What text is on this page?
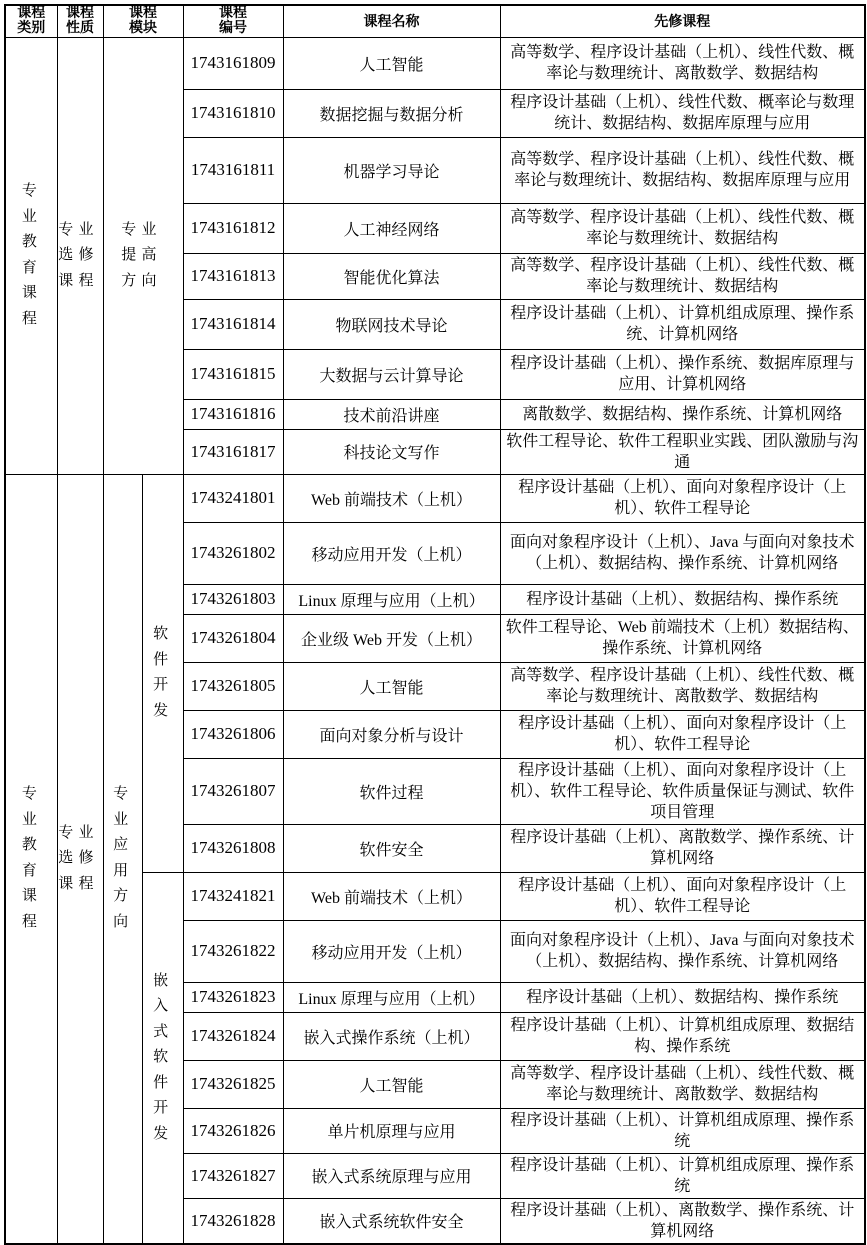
课程类别	课程性质	课程模块		课程编号	课程名称	先修课程
专业教育课程	专业选修课程	专业提高方向		1743161809	人工智能	高等数学、程序设计基础（上机）、线性代数、概率论与数理统计、离散数学、数据结构
				1743161810	数据挖掘与数据分析	程序设计基础（上机）、线性代数、概率论与数理统计、数据结构、数据库原理与应用
				1743161811	机器学习导论	高等数学、程序设计基础（上机）、线性代数、概率论与数理统计、数据结构、数据库原理与应用
				1743161812	人工神经网络	高等数学、程序设计基础（上机）、线性代数、概率论与数理统计、数据结构
				1743161813	智能优化算法	高等数学、程序设计基础（上机）、线性代数、概率论与数理统计、数据结构
				1743161814	物联网技术导论	程序设计基础（上机）、计算机组成原理、操作系统、计算机网络
				1743161815	大数据与云计算导论	程序设计基础（上机）、操作系统、数据库原理与应用、计算机网络
				1743161816	技术前沿讲座	离散数学、数据结构、操作系统、计算机网络
				1743161817	科技论文写作	软件工程导论、软件工程职业实践、团队激励与沟通
专业教育课程	专业选修课程	专业应用方向	软件开发	1743241801	Web 前端技术（上机）	程序设计基础（上机）、面向对象程序设计（上机）、软件工程导论
				1743261802	移动应用开发（上机）	面向对象程序设计（上机）、Java 与面向对象技术（上机）、数据结构、操作系统、计算机网络
				1743261803	Linux 原理与应用（上机）	程序设计基础（上机）、数据结构、操作系统
				1743261804	企业级 Web 开发（上机）	软件工程导论、Web 前端技术（上机）数据结构、操作系统、计算机网络
				1743261805	人工智能	高等数学、程序设计基础（上机）、线性代数、概率论与数理统计、离散数学、数据结构
				1743261806	面向对象分析与设计	程序设计基础（上机）、面向对象程序设计（上机）、软件工程导论
				1743261807	软件过程	程序设计基础（上机）、面向对象程序设计（上机）、软件工程导论、软件质量保证与测试、软件项目管理
				1743261808	软件安全	程序设计基础（上机）、离散数学、操作系统、计算机网络
			嵌入式软件开发	1743241821	Web 前端技术（上机）	程序设计基础（上机）、面向对象程序设计（上机）、软件工程导论
				1743261822	移动应用开发（上机）	面向对象程序设计（上机）、Java 与面向对象技术（上机）、数据结构、操作系统、计算机网络
				1743261823	Linux 原理与应用（上机）	程序设计基础（上机）、数据结构、操作系统
				1743261824	嵌入式操作系统（上机）	程序设计基础（上机）、计算机组成原理、数据结构、操作系统
				1743261825	人工智能	高等数学、程序设计基础（上机）、线性代数、概率论与数理统计、离散数学、数据结构
				1743261826	单片机原理与应用	程序设计基础（上机）、计算机组成原理、操作系统
				1743261827	嵌入式系统原理与应用	程序设计基础（上机）、计算机组成原理、操作系统
				1743261828	嵌入式系统软件安全	程序设计基础（上机）、离散数学、操作系统、计算机网络
